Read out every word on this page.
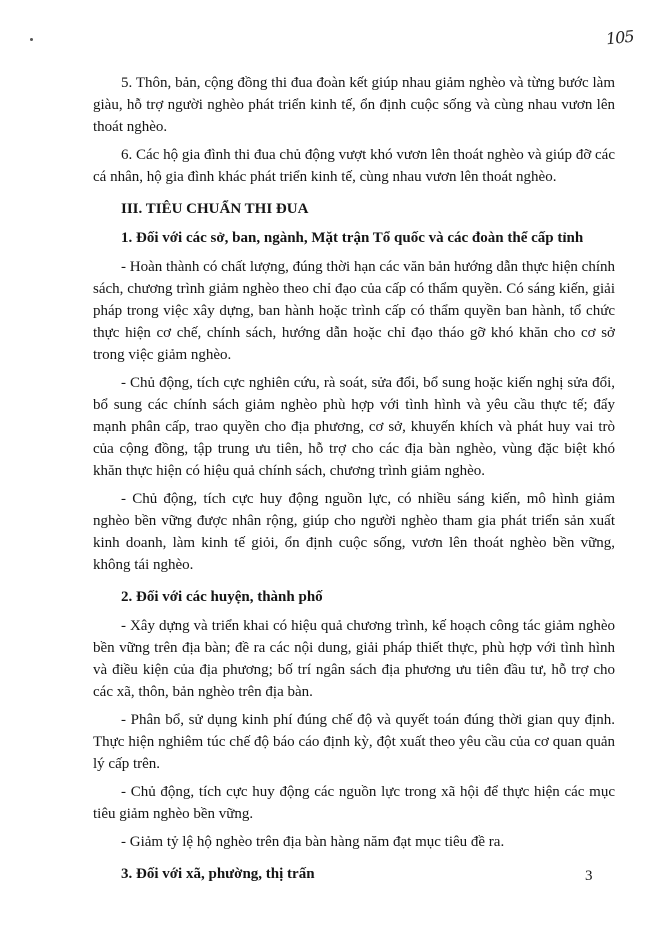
105

5. Thôn, bản, cộng đồng thi đua đoàn kết giúp nhau giảm nghèo và từng bước làm giàu, hỗ trợ người nghèo phát triển kinh tế, ổn định cuộc sống và cùng nhau vươn lên thoát nghèo.

6. Các hộ gia đình thi đua chủ động vượt khó vươn lên thoát nghèo và giúp đỡ các cá nhân, hộ gia đình khác phát triển kinh tế, cùng nhau vươn lên thoát nghèo.

III. TIÊU CHUẨN THI ĐUA

1. Đối với các sở, ban, ngành, Mặt trận Tổ quốc và các đoàn thể cấp tỉnh

- Hoàn thành có chất lượng, đúng thời hạn các văn bản hướng dẫn thực hiện chính sách, chương trình giảm nghèo theo chỉ đạo của cấp có thẩm quyền. Có sáng kiến, giải pháp trong việc xây dựng, ban hành hoặc trình cấp có thẩm quyền ban hành, tổ chức thực hiện cơ chế, chính sách, hướng dẫn hoặc chỉ đạo tháo gỡ khó khăn cho cơ sở trong việc giảm nghèo.

- Chủ động, tích cực nghiên cứu, rà soát, sửa đổi, bổ sung hoặc kiến nghị sửa đổi, bổ sung các chính sách giảm nghèo phù hợp với tình hình và yêu cầu thực tế; đẩy mạnh phân cấp, trao quyền cho địa phương, cơ sở, khuyến khích và phát huy vai trò của cộng đồng, tập trung ưu tiên, hỗ trợ cho các địa bàn nghèo, vùng đặc biệt khó khăn thực hiện có hiệu quả chính sách, chương trình giảm nghèo.

- Chủ động, tích cực huy động nguồn lực, có nhiều sáng kiến, mô hình giảm nghèo bền vững được nhân rộng, giúp cho người nghèo tham gia phát triển sản xuất kinh doanh, làm kinh tế giỏi, ổn định cuộc sống, vươn lên thoát nghèo bền vững, không tái nghèo.

2. Đối với các huyện, thành phố

- Xây dựng và triển khai có hiệu quả chương trình, kế hoạch công tác giảm nghèo bền vững trên địa bàn; đề ra các nội dung, giải pháp thiết thực, phù hợp với tình hình và điều kiện của địa phương; bố trí ngân sách địa phương ưu tiên đầu tư, hỗ trợ cho các xã, thôn, bản nghèo trên địa bàn.

- Phân bổ, sử dụng kinh phí đúng chế độ và quyết toán đúng thời gian quy định. Thực hiện nghiêm túc chế độ báo cáo định kỳ, đột xuất theo yêu cầu của cơ quan quản lý cấp trên.

- Chủ động, tích cực huy động các nguồn lực trong xã hội để thực hiện các mục tiêu giảm nghèo bền vững.

- Giảm tỷ lệ hộ nghèo trên địa bàn hàng năm đạt mục tiêu đề ra.

3. Đối với xã, phường, thị trấn	3
